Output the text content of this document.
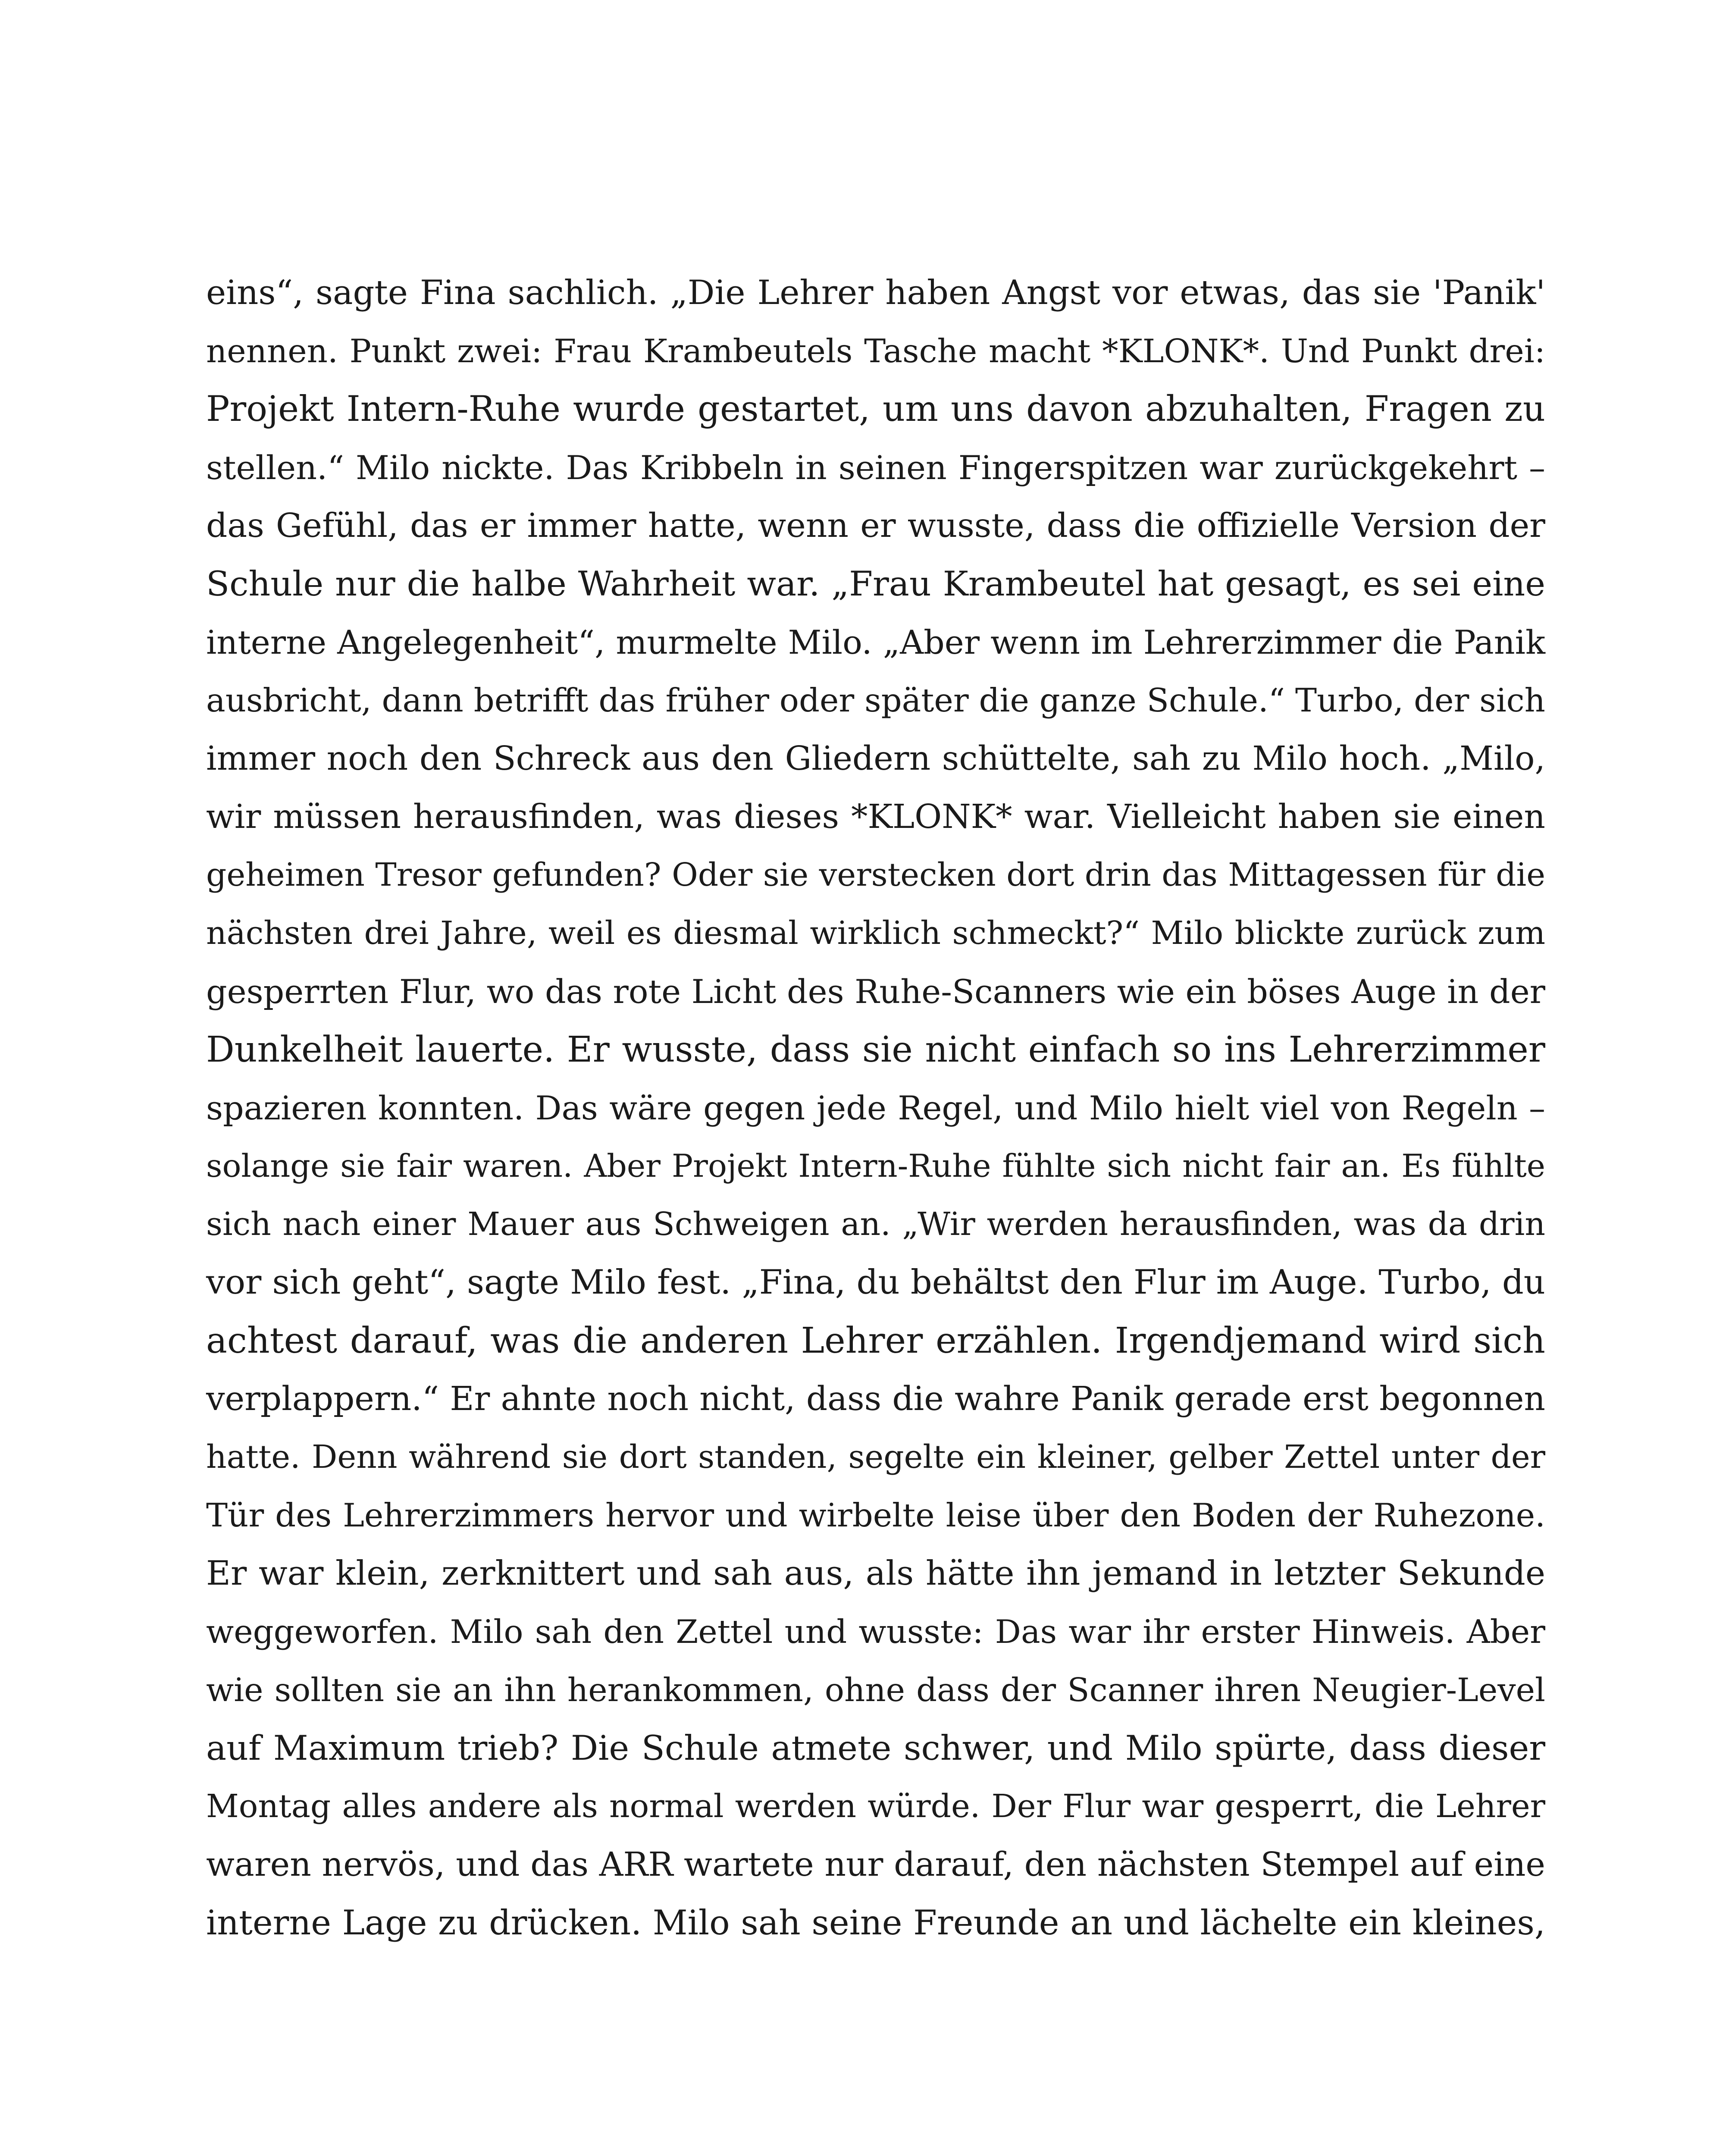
eins“, sagte Fina sachlich. „Die Lehrer haben Angst vor etwas, das sie 'Panik'
nennen. Punkt zwei: Frau Krambeutels Tasche macht *KLONK*. Und Punkt drei:
Projekt Intern-Ruhe wurde gestartet, um uns davon abzuhalten, Fragen zu
stellen.“ Milo nickte. Das Kribbeln in seinen Fingerspitzen war zurückgekehrt –
das Gefühl, das er immer hatte, wenn er wusste, dass die offizielle Version der
Schule nur die halbe Wahrheit war. „Frau Krambeutel hat gesagt, es sei eine
interne Angelegenheit“, murmelte Milo. „Aber wenn im Lehrerzimmer die Panik
ausbricht, dann betrifft das früher oder später die ganze Schule.“ Turbo, der sich
immer noch den Schreck aus den Gliedern schüttelte, sah zu Milo hoch. „Milo,
wir müssen herausfinden, was dieses *KLONK* war. Vielleicht haben sie einen
geheimen Tresor gefunden? Oder sie verstecken dort drin das Mittagessen für die
nächsten drei Jahre, weil es diesmal wirklich schmeckt?“ Milo blickte zurück zum
gesperrten Flur, wo das rote Licht des Ruhe-Scanners wie ein böses Auge in der
Dunkelheit lauerte. Er wusste, dass sie nicht einfach so ins Lehrerzimmer
spazieren konnten. Das wäre gegen jede Regel, und Milo hielt viel von Regeln –
solange sie fair waren. Aber Projekt Intern-Ruhe fühlte sich nicht fair an. Es fühlte
sich nach einer Mauer aus Schweigen an. „Wir werden herausfinden, was da drin
vor sich geht“, sagte Milo fest. „Fina, du behältst den Flur im Auge. Turbo, du
achtest darauf, was die anderen Lehrer erzählen. Irgendjemand wird sich
verplappern.“ Er ahnte noch nicht, dass die wahre Panik gerade erst begonnen
hatte. Denn während sie dort standen, segelte ein kleiner, gelber Zettel unter der
Tür des Lehrerzimmers hervor und wirbelte leise über den Boden der Ruhezone.
Er war klein, zerknittert und sah aus, als hätte ihn jemand in letzter Sekunde
weggeworfen. Milo sah den Zettel und wusste: Das war ihr erster Hinweis. Aber
wie sollten sie an ihn herankommen, ohne dass der Scanner ihren Neugier-Level
auf Maximum trieb? Die Schule atmete schwer, und Milo spürte, dass dieser
Montag alles andere als normal werden würde. Der Flur war gesperrt, die Lehrer
waren nervös, und das ARR wartete nur darauf, den nächsten Stempel auf eine
interne Lage zu drücken. Milo sah seine Freunde an und lächelte ein kleines,
